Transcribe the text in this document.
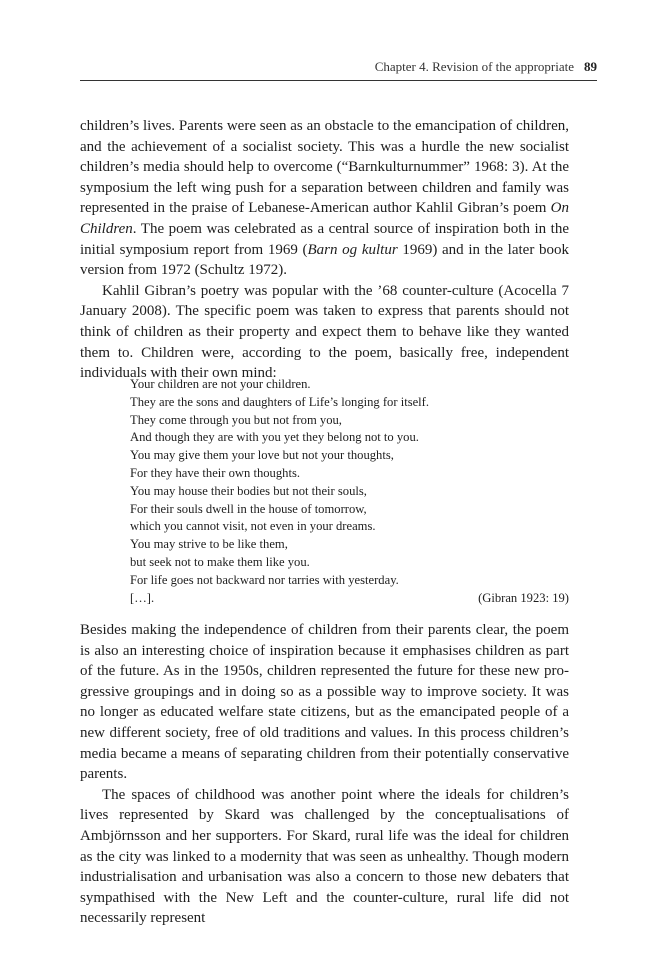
Chapter 4. Revision of the appropriate 89

children’s lives. Parents were seen as an obstacle to the emancipation of children, and the achievement of a socialist society. This was a hurdle the new socialist children’s media should help to overcome (“Barnkulturnummer” 1968: 3). At the symposium the left wing push for a separation between children and family was represented in the praise of Lebanese-American author Kahlil Gibran’s poem On Children. The poem was celebrated as a central source of inspiration both in the initial symposium report from 1969 (Barn og kultur 1969) and in the later book version from 1972 (Schultz 1972).

Kahlil Gibran’s poetry was popular with the ’68 counter-culture (Acocella 7 January 2008). The specific poem was taken to express that parents should not think of children as their property and expect them to behave like they wanted them to. Children were, according to the poem, basically free, independent individuals with their own mind:

Your children are not your children.
They are the sons and daughters of Life’s longing for itself.
They come through you but not from you,
And though they are with you yet they belong not to you.
You may give them your love but not your thoughts,
For they have their own thoughts.
You may house their bodies but not their souls,
For their souls dwell in the house of tomorrow,
which you cannot visit, not even in your dreams.
You may strive to be like them,
but seek not to make them like you.
For life goes not backward nor tarries with yesterday.
[…].	(Gibran 1923: 19)

Besides making the independence of children from their parents clear, the poem is also an interesting choice of inspiration because it emphasises children as part of the future. As in the 1950s, children represented the future for these new progressive groupings and in doing so as a possible way to improve society. It was no longer as educated welfare state citizens, but as the emancipated people of a new different society, free of old traditions and values. In this process children’s media became a means of separating children from their potentially conservative parents.

The spaces of childhood was another point where the ideals for children’s lives represented by Skard was challenged by the conceptualisations of Ambjörnsson and her supporters. For Skard, rural life was the ideal for children as the city was linked to a modernity that was seen as unhealthy. Though modern industrialisation and urbanisation was also a concern to those new debaters that sympathised with the New Left and the counter-culture, rural life did not necessarily represent
